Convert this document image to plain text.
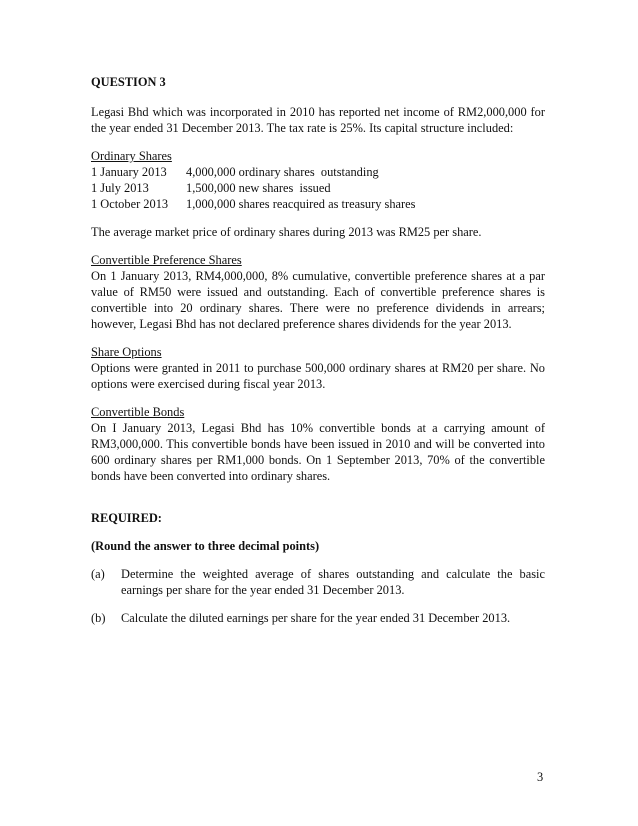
QUESTION 3

Legasi Bhd which was incorporated in 2010 has reported net income of RM2,000,000 for the year ended 31 December 2013. The tax rate is 25%. Its capital structure included:

Ordinary Shares

1 January 2013	4,000,000 ordinary shares  outstanding
1 July 2013	1,500,000 new shares  issued
1 October 2013	1,000,000 shares reacquired as treasury shares

The average market price of ordinary shares during 2013 was RM25 per share.

Convertible Preference Shares

On 1 January 2013, RM4,000,000, 8% cumulative, convertible preference shares at a par value of RM50 were issued and outstanding. Each of convertible preference shares is convertible into 20 ordinary shares. There were no preference dividends in arrears; however, Legasi Bhd has not declared preference shares dividends for the year 2013.

Share Options

Options were granted in 2011 to purchase 500,000 ordinary shares at RM20 per share. No options were exercised during fiscal year 2013.

Convertible Bonds

On I January 2013, Legasi Bhd has 10% convertible bonds at a carrying amount of RM3,000,000. This convertible bonds have been issued in 2010 and will be converted into 600 ordinary shares per RM1,000 bonds. On 1 September 2013, 70% of the convertible bonds have been converted into ordinary shares.

REQUIRED:

(Round the answer to three decimal points)

(a)	Determine the weighted average of shares outstanding and calculate the basic earnings per share for the year ended 31 December 2013.
(b)	Calculate the diluted earnings per share for the year ended 31 December 2013.
3
